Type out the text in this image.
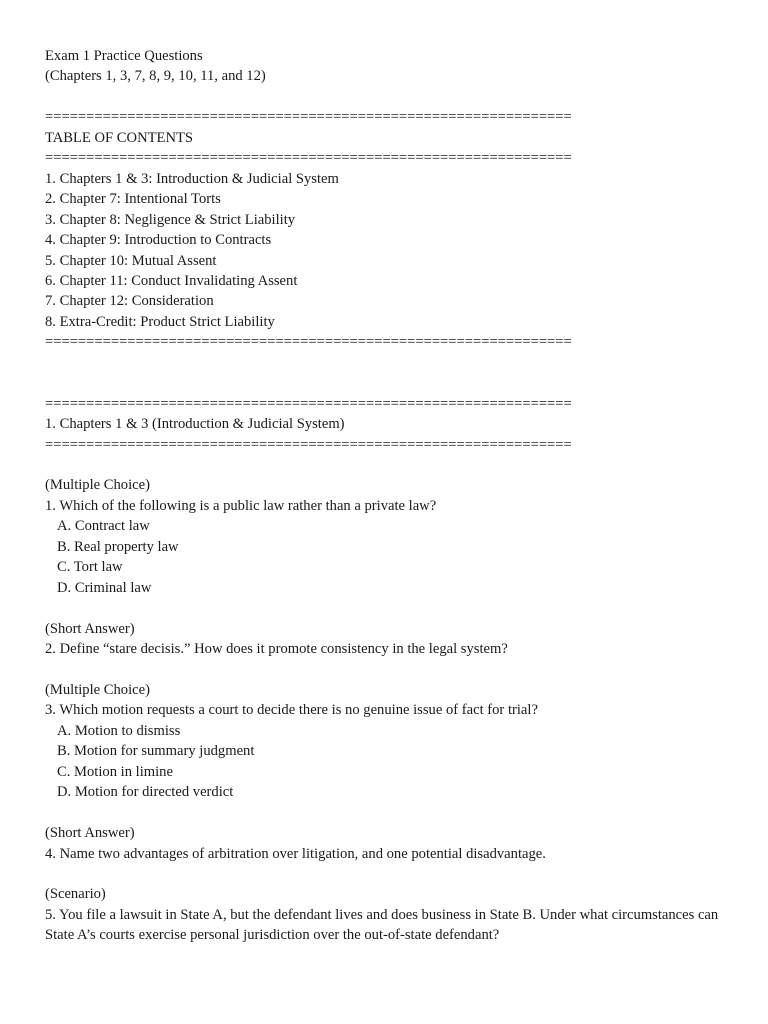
Exam 1 Practice Questions
(Chapters 1, 3, 7, 8, 9, 10, 11, and 12)
================================================================
TABLE OF CONTENTS
================================================================
1. Chapters 1 & 3: Introduction & Judicial System
2. Chapter 7: Intentional Torts
3. Chapter 8: Negligence & Strict Liability
4. Chapter 9: Introduction to Contracts
5. Chapter 10: Mutual Assent
6. Chapter 11: Conduct Invalidating Assent
7. Chapter 12: Consideration
8. Extra-Credit: Product Strict Liability
================================================================
================================================================
1. Chapters 1 & 3 (Introduction & Judicial System)
================================================================
(Multiple Choice)
1. Which of the following is a public law rather than a private law?
A. Contract law
B. Real property law
C. Tort law
D. Criminal law
(Short Answer)
2. Define “stare decisis.” How does it promote consistency in the legal system?
(Multiple Choice)
3. Which motion requests a court to decide there is no genuine issue of fact for trial?
A. Motion to dismiss
B. Motion for summary judgment
C. Motion in limine
D. Motion for directed verdict
(Short Answer)
4. Name two advantages of arbitration over litigation, and one potential disadvantage.
(Scenario)
5. You file a lawsuit in State A, but the defendant lives and does business in State B. Under what circumstances can State A’s courts exercise personal jurisdiction over the out-of-state defendant?
